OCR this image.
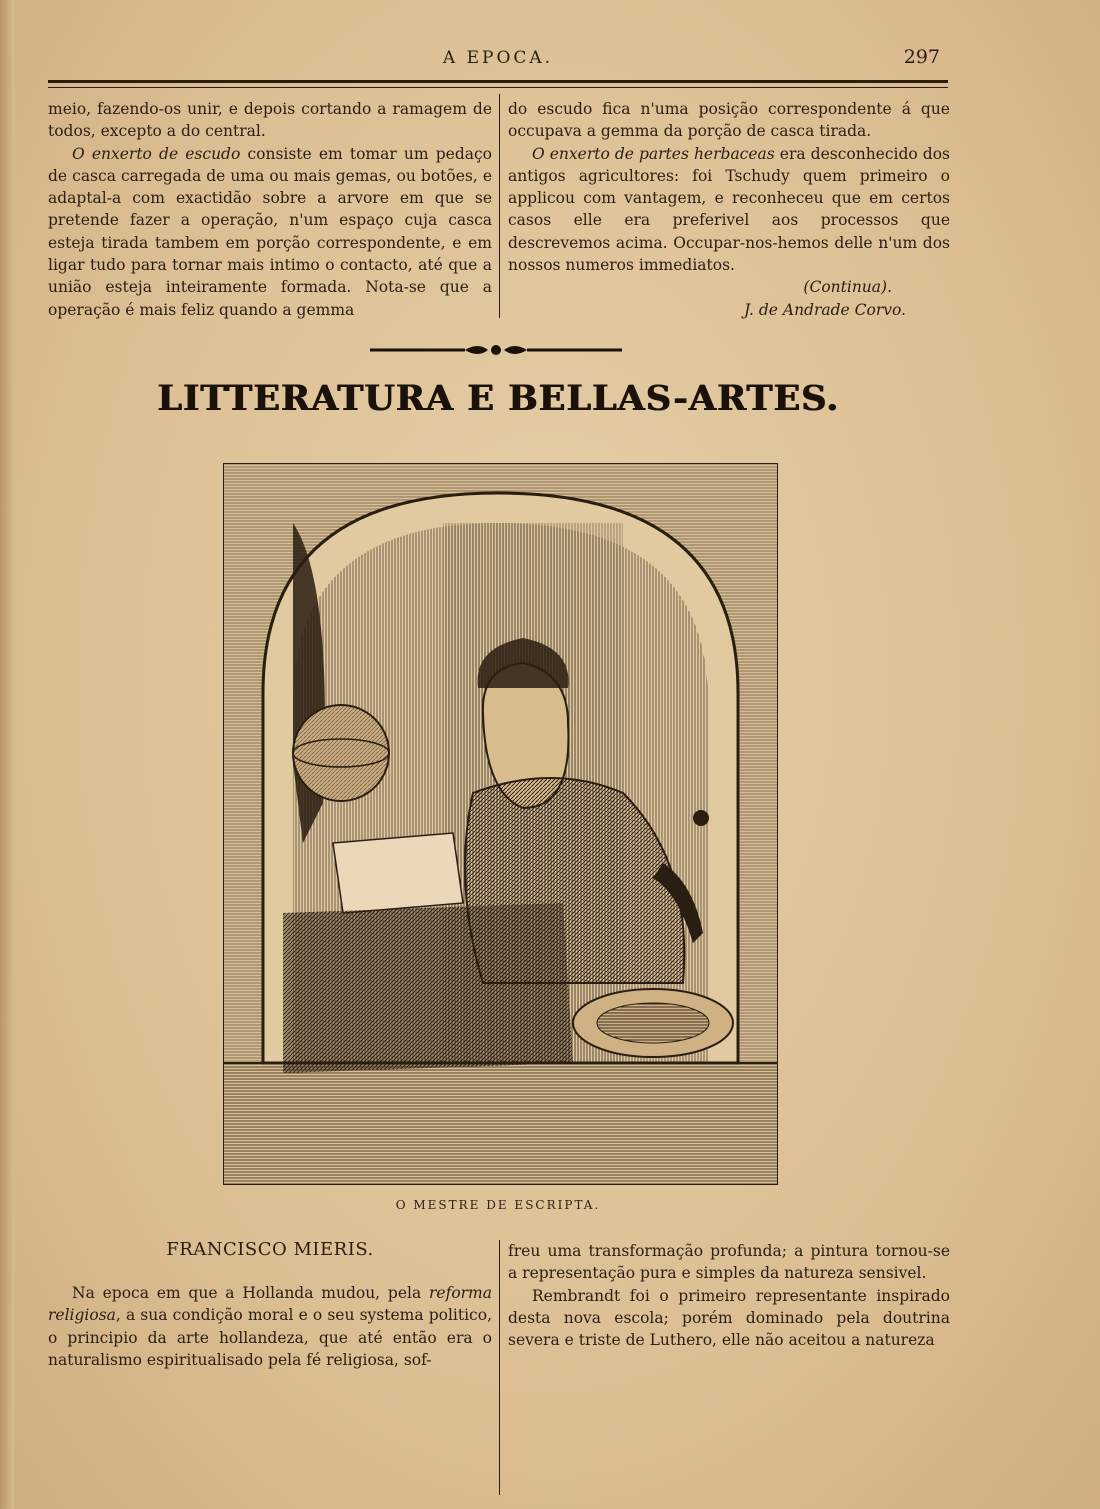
A EPOCA.	297

meio, fazendo-os unir, e depois cortando a ramagem de todos, excepto a do central.

O enxerto de escudo consiste em tomar um pedaço de casca carregada de uma ou mais gemas, ou botões, e adaptal-a com exactidão sobre a arvore em que se pretende fazer a operação, n'um espaço cuja casca esteja tirada tambem em porção correspondente, e em ligar tudo para tornar mais intimo o contacto, até que a união esteja inteiramente formada. Nota-se que a operação é mais feliz quando a gemma

do escudo fica n'uma posição correspondente á que occupava a gemma da porção de casca tirada.

O enxerto de partes herbaceas era desconhecido dos antigos agricultores: foi Tschudy quem primeiro o applicou com vantagem, e reconheceu que em certos casos elle era preferivel aos processos que descrevemos acima. Occupar-nos-hemos delle n'um dos nossos numeros immediatos.

(Continua).

J. de Andrade Corvo.

LITTERATURA E BELLAS-ARTES.
O MESTRE DE ESCRIPTA.
FRANCISCO MIERIS.

Na epoca em que a Hollanda mudou, pela reforma religiosa, a sua condição moral e o seu systema politico, o principio da arte hollandeza, que até então era o naturalismo espiritualisado pela fé religiosa, sof-

freu uma transformação profunda; a pintura tornou-se a representação pura e simples da natureza sensivel.

Rembrandt foi o primeiro representante inspirado desta nova escola; porém dominado pela doutrina severa e triste de Luthero, elle não aceitou a natureza
